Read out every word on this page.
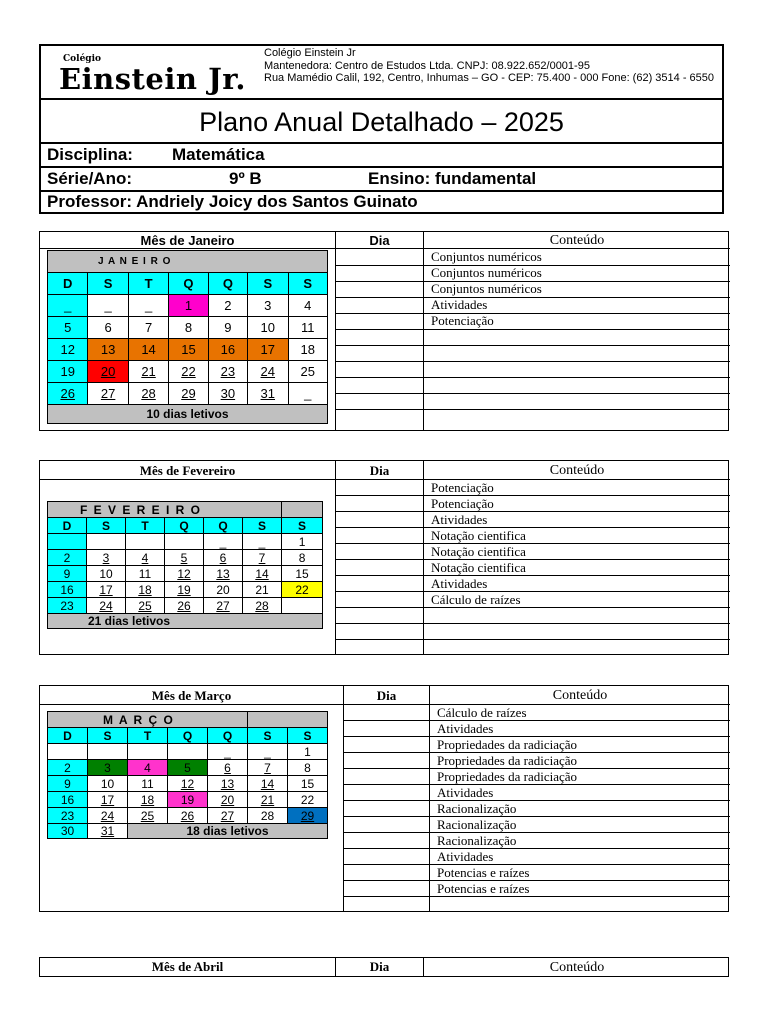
Colégio
Einstein Jr.
Colégio Einstein Jr
Mantenedora: Centro de Estudos Ltda. CNPJ: 08.922.652/0001-95
Rua Mamédio Calil, 192, Centro, Inhumas – GO - CEP: 75.400 - 000 Fone: (62) 3514 - 6550
Plano Anual Detalhado – 2025
Disciplina: Matemática
Série/Ano:	9º B	Ensino: fundamental
Professor: Andriely Joicy dos Santos Guinato
Mês de Janeiro	Dia	Conteúdo
Conjuntos numéricos
Conjuntos numéricos
Conjuntos numéricos
Atividades
Potenciação
J A N E I R O						
D	S	T	Q	Q	S	S
_	_	_	1	2	3	4
5	6	7	8	9	10	11
12	13	14	15	16	17	18
19	20	21	22	23	24	25
26	27	28	29	30	31	_
10 dias letivos						
Mês de Fevereiro	Dia	Conteúdo
Potenciação
Potenciação
Atividades
Notação cientifica
Notação cientifica
Notação cientifica
Atividades
Cálculo de raízes
F E V E R E I R O						
D	S	T	Q	Q	S	S
				_	_	1
2	3	4	5	6	7	8
9	10	11	12	13	14	15
16	17	18	19	20	21	22
23	24	25	26	27	28	
21 dias letivos						
Mês de Março	Dia	Conteúdo
Cálculo de raízes
Atividades
Propriedades da radiciação
Propriedades da radiciação
Propriedades da radiciação
Atividades
Racionalização
Racionalização
Racionalização
Atividades
Potencias e raízes
Potencias e raízes
M A R Ç O						
D	S	T	Q	Q	S	S
				_	_	1
2	3	4	5	6	7	8
9	10	11	12	13	14	15
16	17	18	19	20	21	22
23	24	25	26	27	28	29
30	31	18 dias letivos				
Mês de Abril	Dia	Conteúdo
